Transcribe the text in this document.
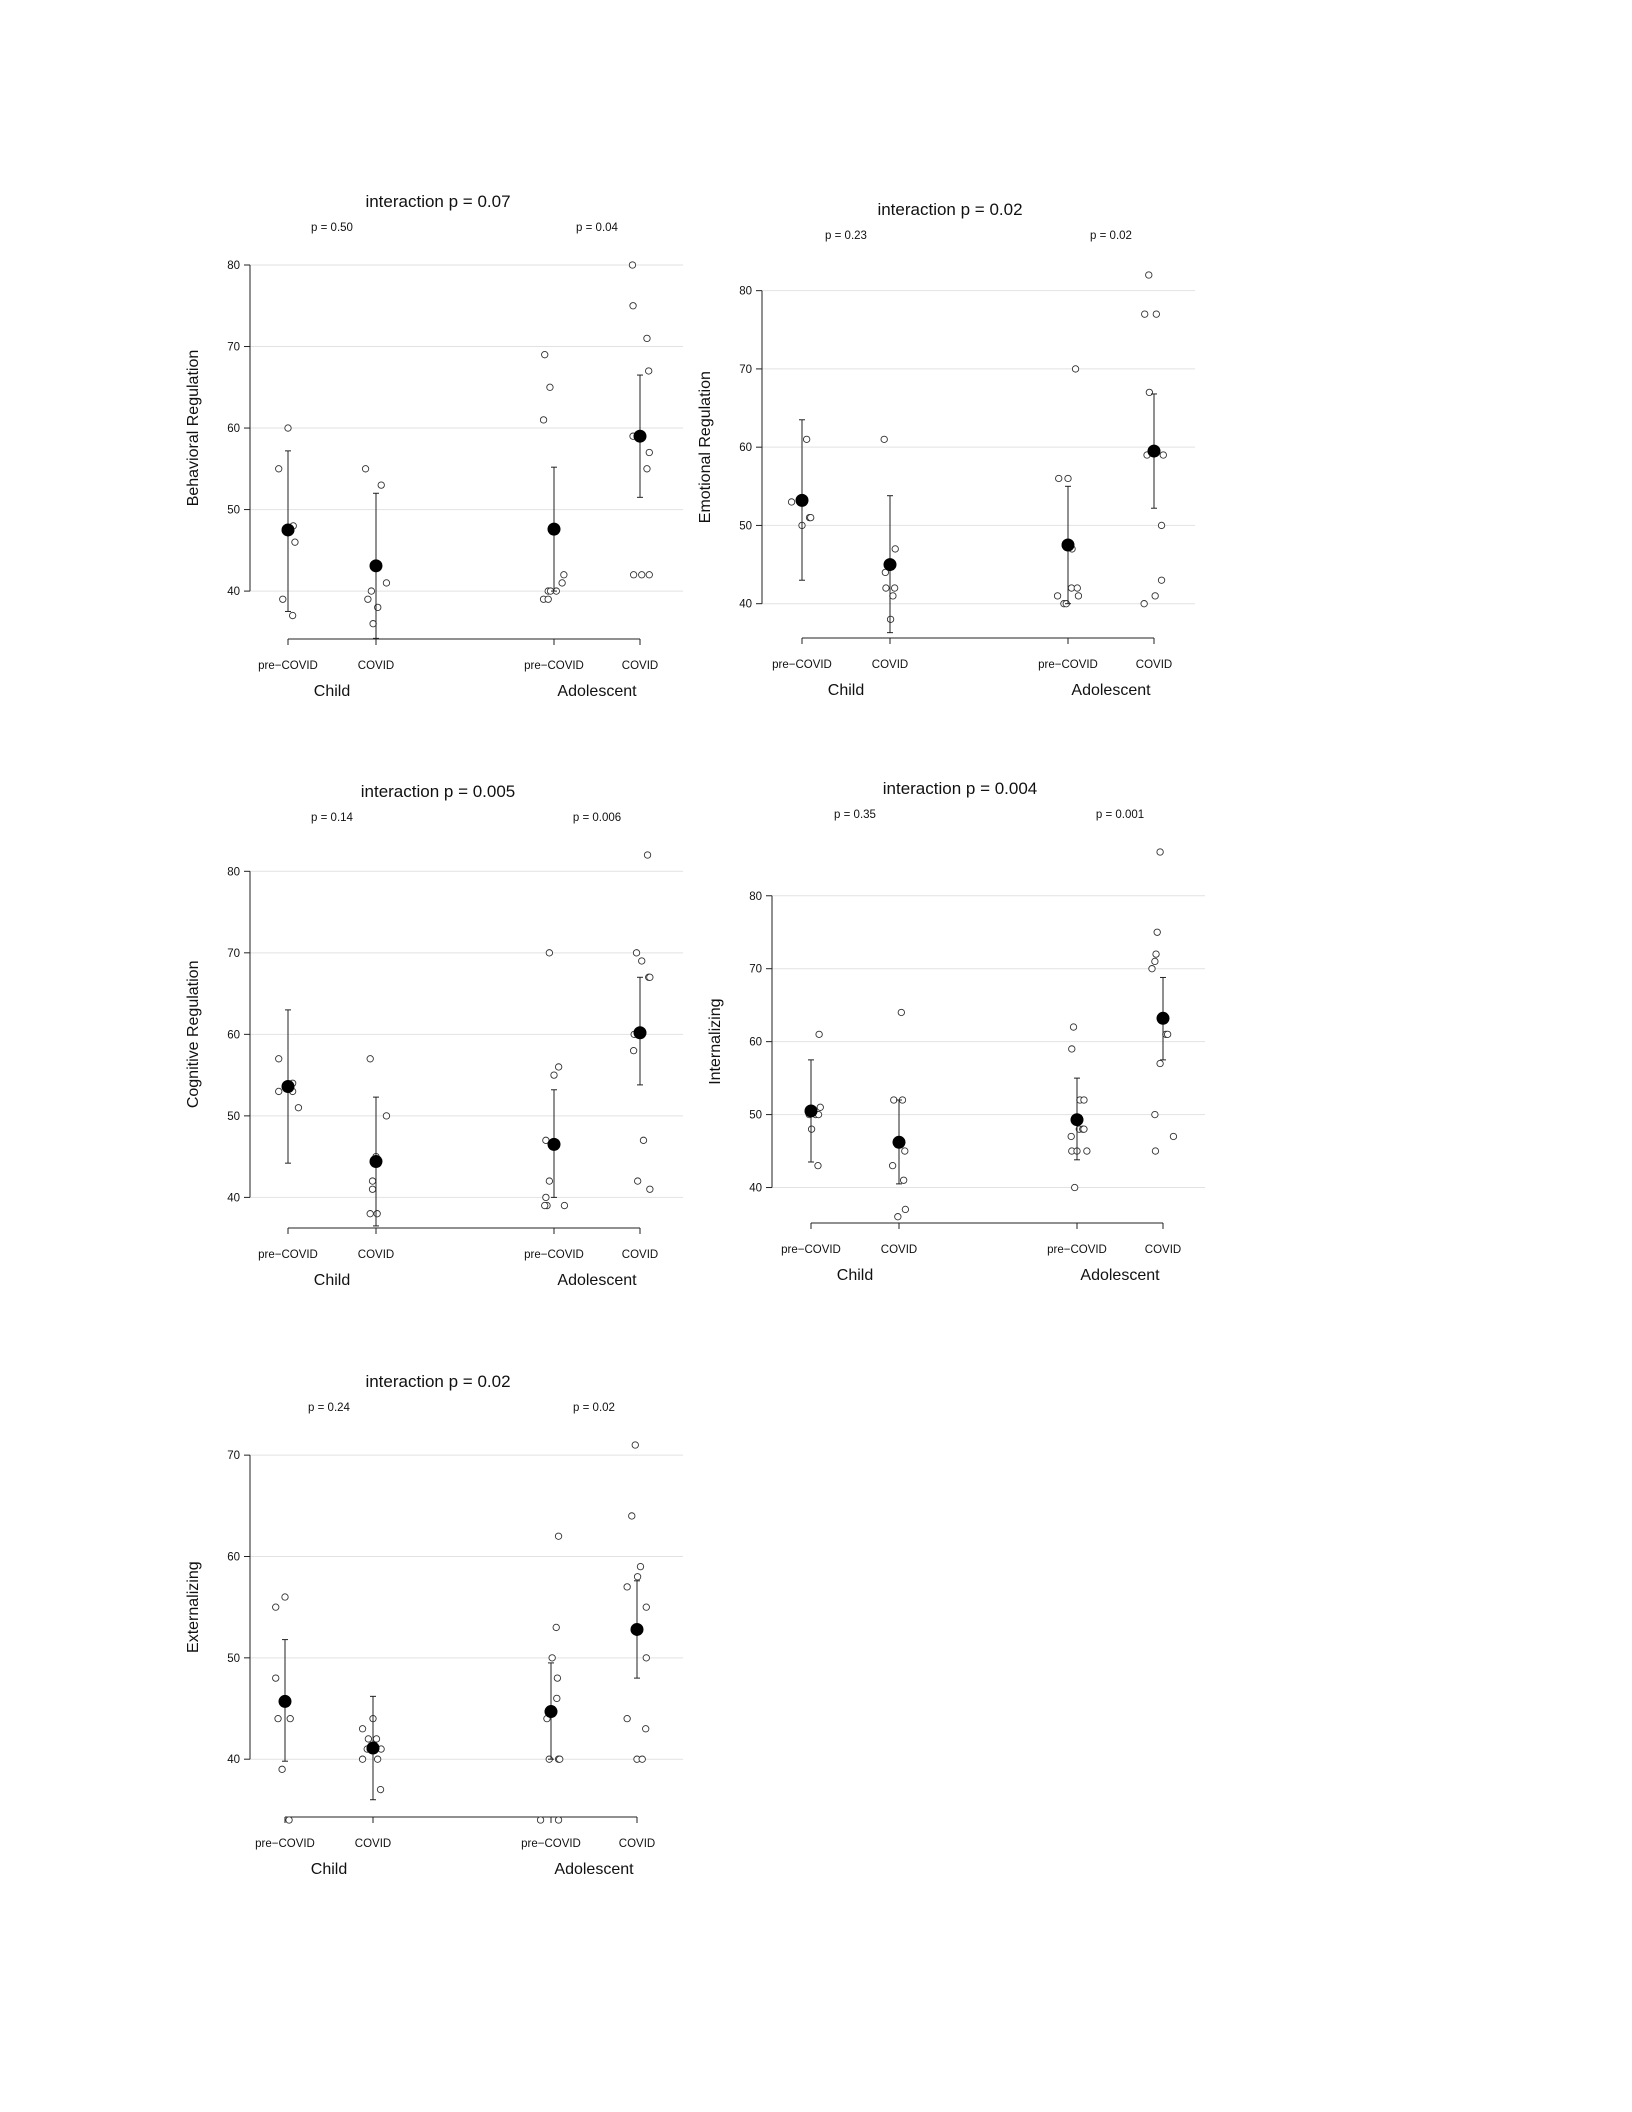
interaction p = 0.07
p = 0.50	p = 0.04
40
50
60
70
80
Behavioral Regulation
pre−COVID	COVID	pre−COVID	COVID
Child	Adolescent
interaction p = 0.02
p = 0.23	p = 0.02
40
50
60
70
80
Emotional Regulation
pre−COVID	COVID	pre−COVID	COVID
Child	Adolescent
interaction p = 0.005
p = 0.14	p = 0.006
40
50
60
70
80
Cognitive Regulation
pre−COVID	COVID	pre−COVID	COVID
Child	Adolescent
interaction p = 0.004
p = 0.35	p = 0.001
40
50
60
70
80
Internalizing
pre−COVID	COVID	pre−COVID	COVID
Child	Adolescent
interaction p = 0.02
p = 0.24	p = 0.02
40
50
60
70
Externalizing
pre−COVID	COVID	pre−COVID	COVID
Child	Adolescent
